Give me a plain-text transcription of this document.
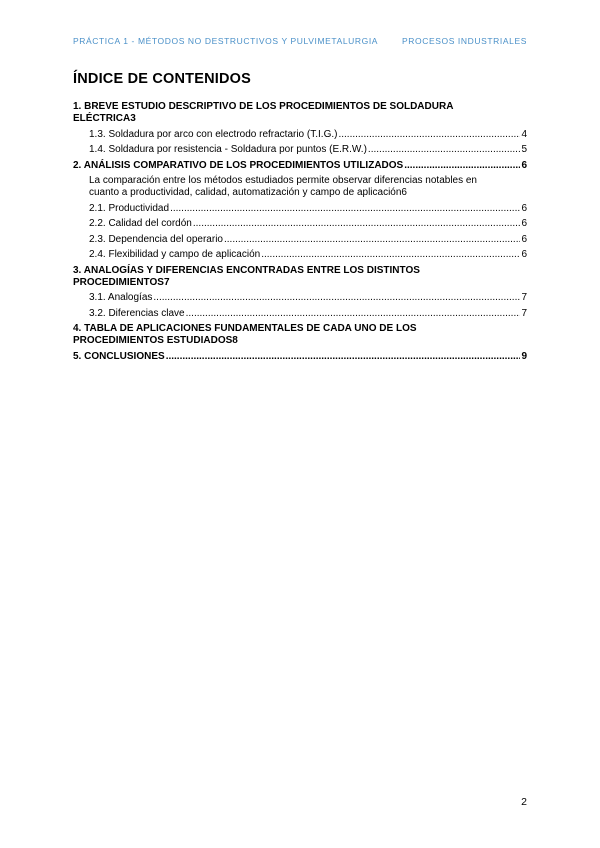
PRÁCTICA 1 - MÉTODOS NO DESTRUCTIVOS Y PULVIMETALURGIA	PROCESOS INDUSTRIALES
ÍNDICE DE CONTENIDOS
1. BREVE ESTUDIO DESCRIPTIVO DE LOS PROCEDIMIENTOS DE SOLDADURA
ELÉCTRICA 3
1.3. Soldadura por arco con electrodo refractario (T.I.G.) .....	4
1.4. Soldadura por resistencia - Soldadura por puntos (E.R.W.) .....	5
2. ANÁLISIS COMPARATIVO DE LOS PROCEDIMIENTOS UTILIZADOS .....	6
La comparación entre los métodos estudiados permite observar diferencias notables en
cuanto a productividad, calidad, automatización y campo de aplicación 6
2.1. Productividad .....	6
2.2. Calidad del cordón .....	6
2.3. Dependencia del operario .....	6
2.4. Flexibilidad y campo de aplicación .....	6
3. ANALOGÍAS Y DIFERENCIAS ENCONTRADAS ENTRE LOS DISTINTOS
PROCEDIMIENTOS 7
3.1. Analogías .....	7
3.2. Diferencias clave .....	7
4. TABLA DE APLICACIONES FUNDAMENTALES DE CADA UNO DE LOS
PROCEDIMIENTOS ESTUDIADOS 8
5. CONCLUSIONES .....	9
2
